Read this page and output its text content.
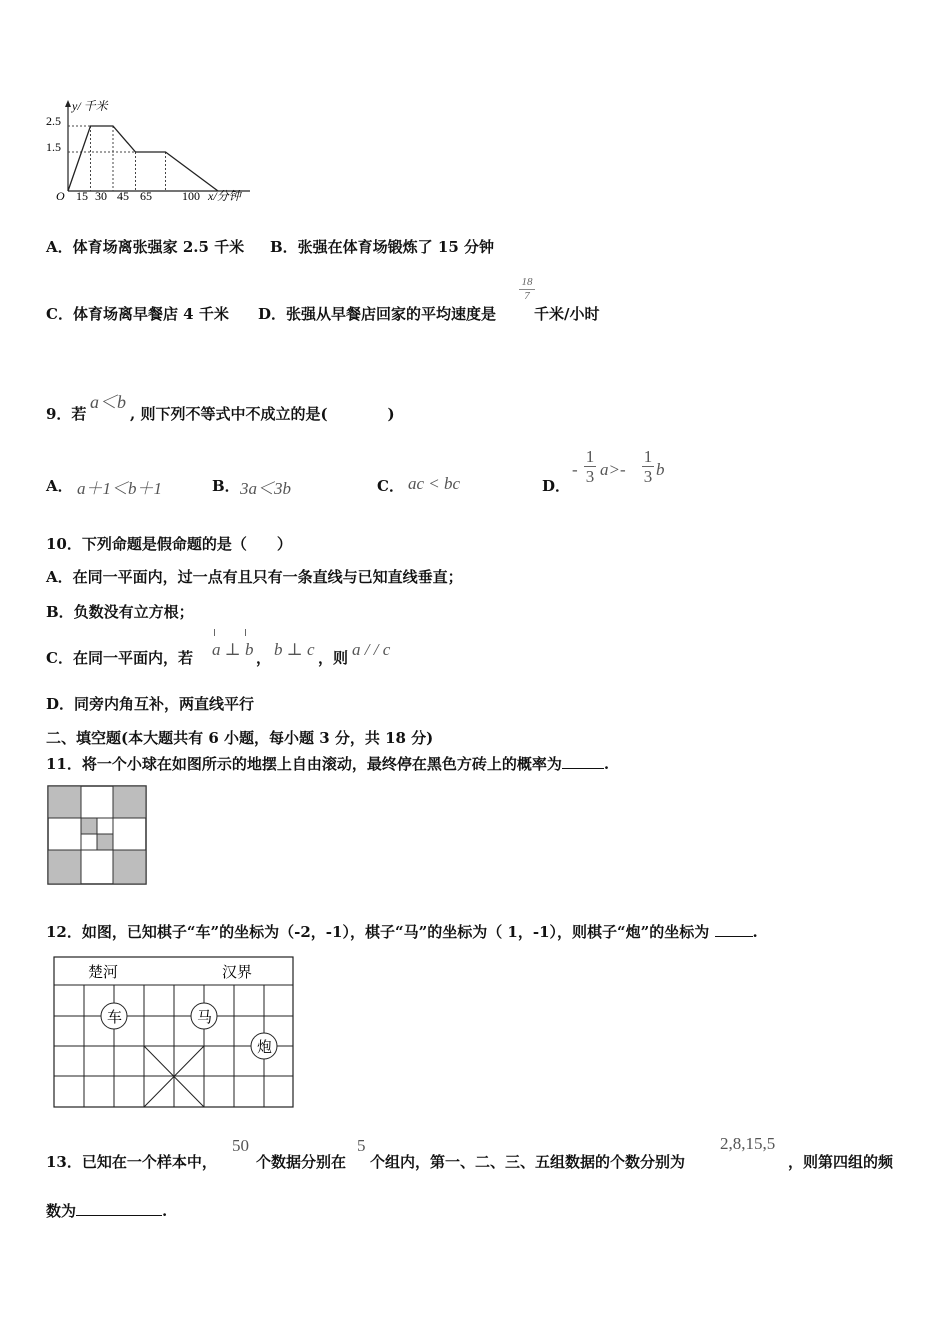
y/ 千米
x/分钟
O
2.5
1.5
15 30 45 65	100
A．体育场离张强家 2.5 千米 B．张强在体育场锻炼了 15 分钟
C．体育场离早餐店 4 千米 D．张强从早餐店回家的平均速度是
$\frac{18}{7}$
千米/小时
9．若
a＜b
, 则下列不等式中不成立的是(　　　　)
A． a＋1＜b＋1	B． 3a＜3b	C． ac < bc	D．
- $\frac{1}{3} a>- \frac{1}{3}$ b
10．下列命题是假命题的是（　　）
A．在同一平面内，过一点有且只有一条直线与已知直线垂直；
B．负数没有立方根；
C．在同一平面内，若 a ⊥ b ， b ⊥ c ，则 a / / c
D．同旁内角互补，两直线平行
二、填空题(本大题共有 6 小题，每小题 3 分，共 18 分)
11．将一个小球在如图所示的地摆上自由滚动，最终停在黑色方砖上的概率为	.
12．如图，已知棋子“车”的坐标为（-2，-1），棋子“马”的坐标为（ 1，-1），则棋子“炮”的坐标为	.
楚河	汉界
车	马
炮
13．已知在一个样本中，
50
个数据分别在
5
个组内，第一、二、三、五组数据的个数分别为
2,8,15,5
，则第四组的频
数为	.
